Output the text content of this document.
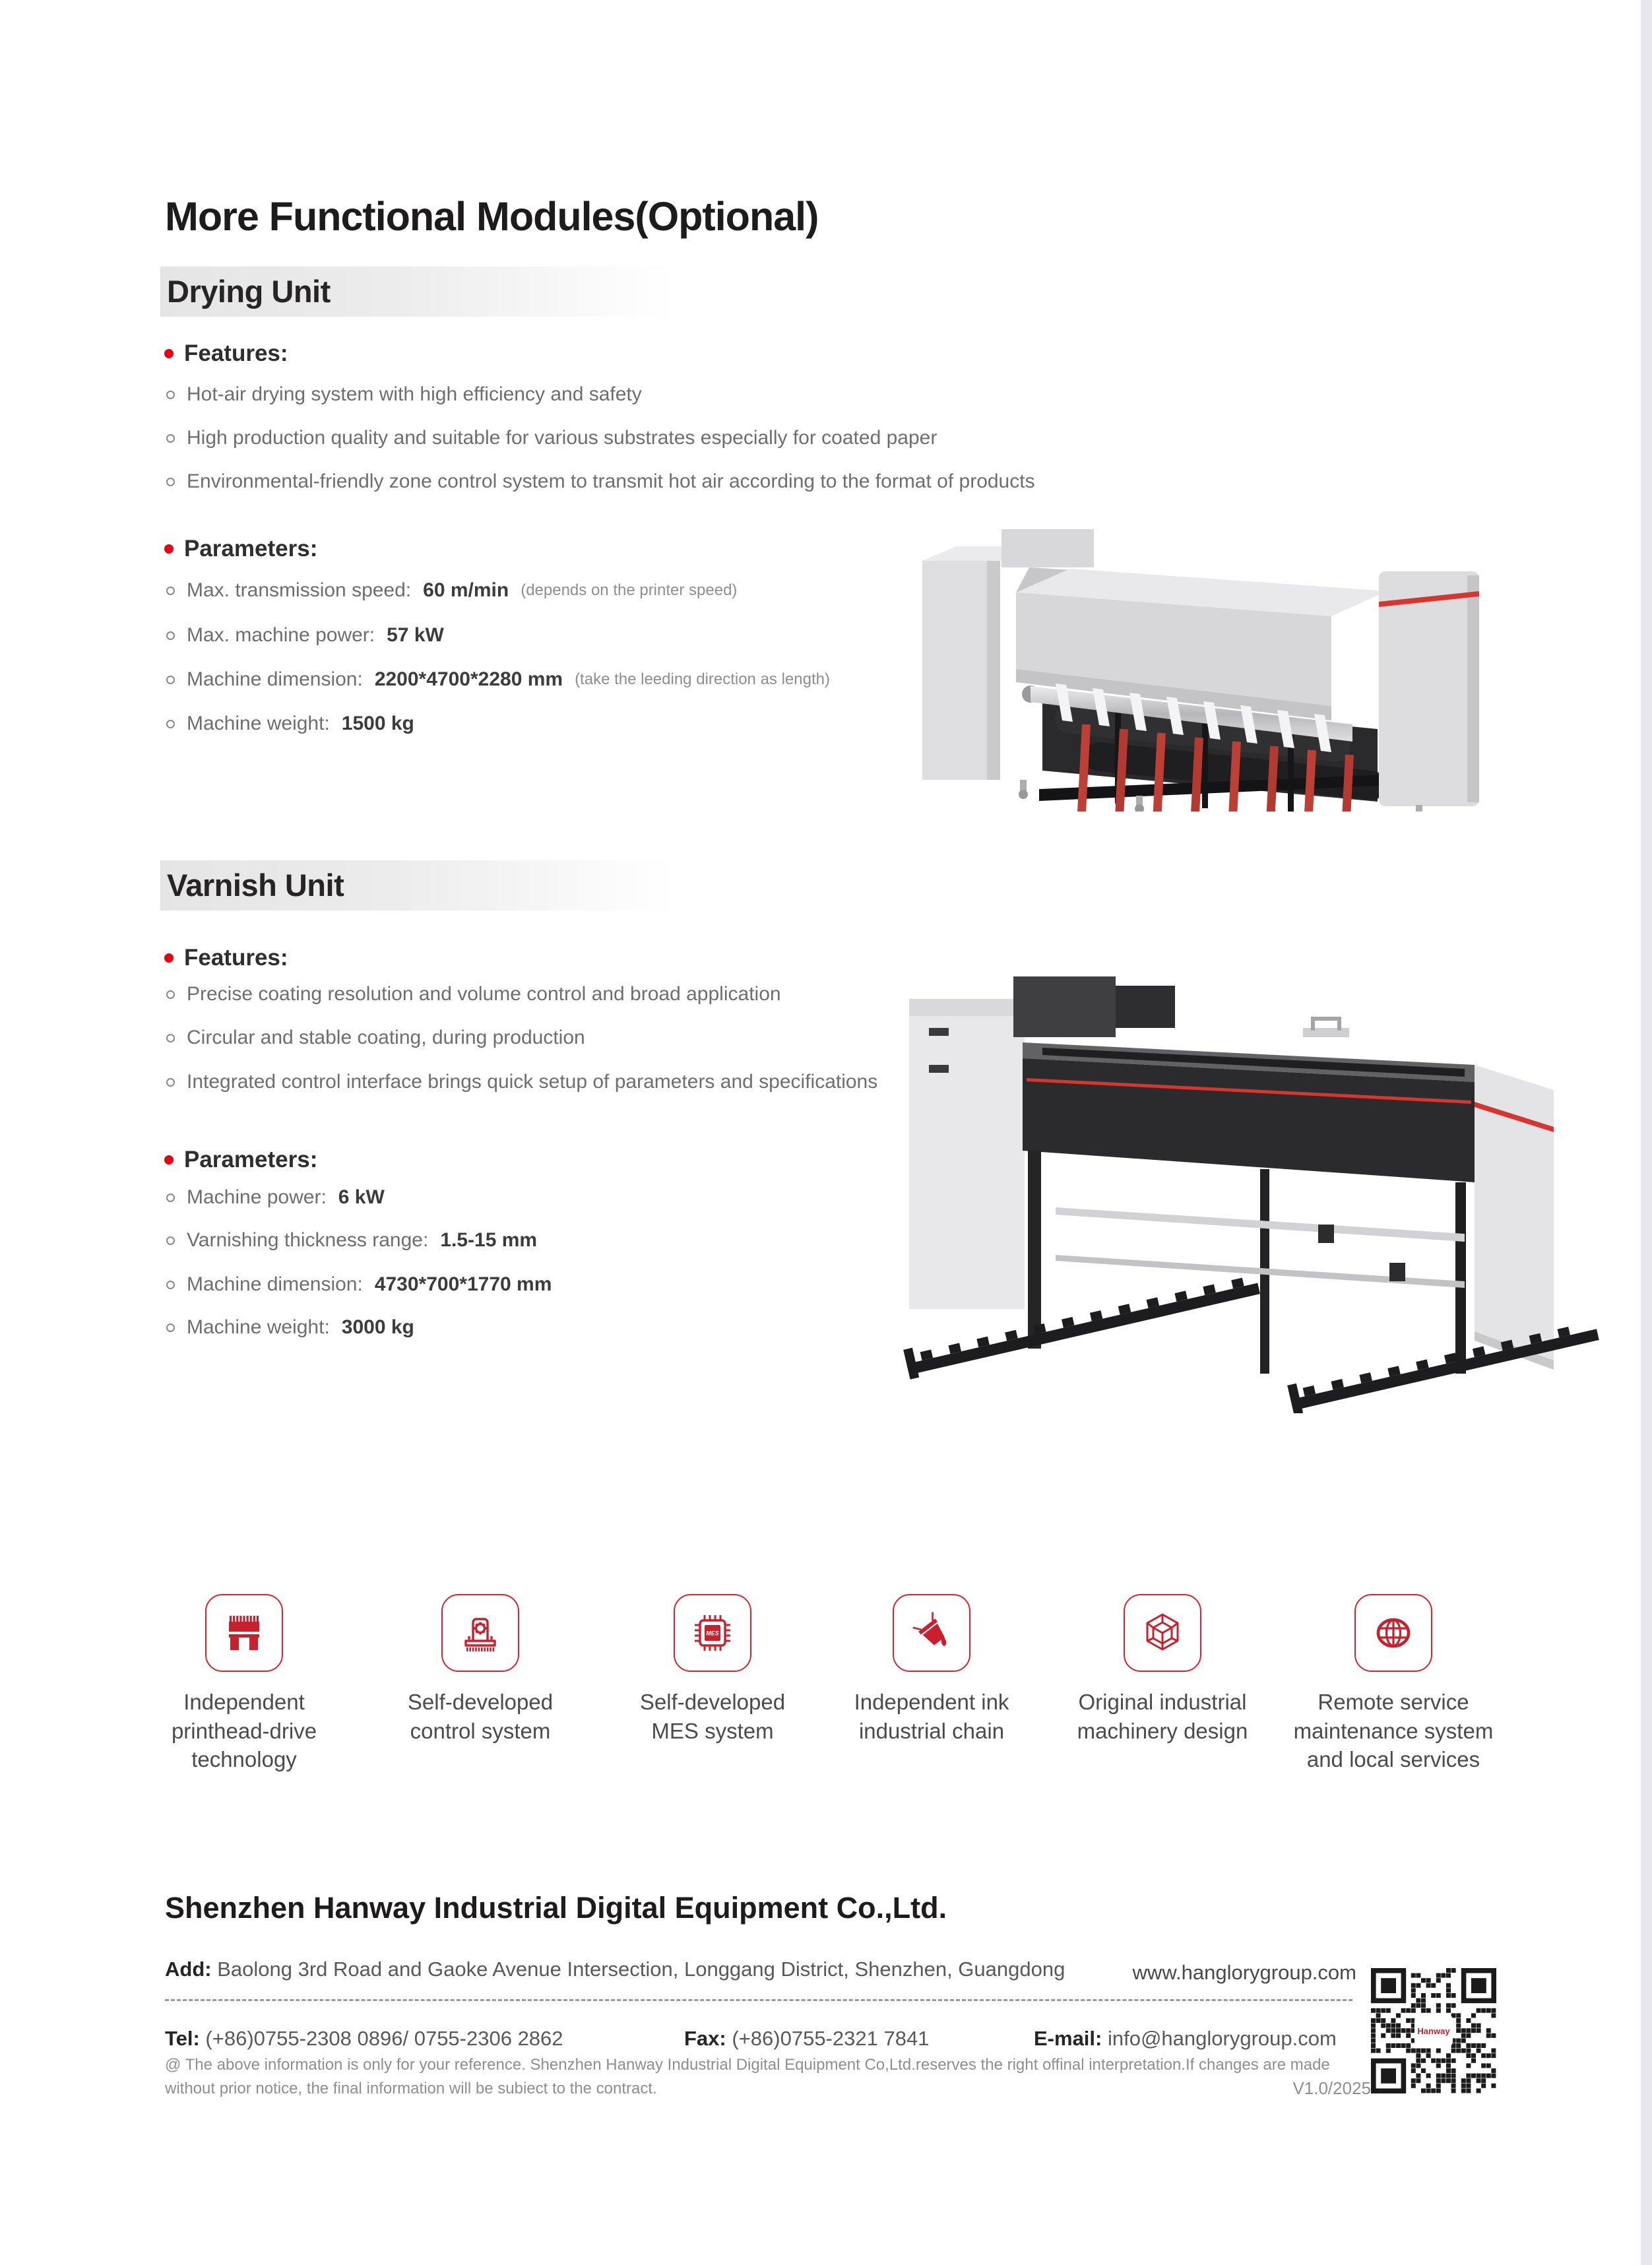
More Functional Modules(Optional)
Drying Unit
Features:
Hot-air drying system with high efficiency and safety
High production quality and suitable for various substrates especially for coated paper
Environmental-friendly zone control system to transmit hot air according to the format of products
Parameters:
Max. transmission speed: 60 m/min (depends on the printer speed)
Max. machine power: 57 kW
Machine dimension: 2200*4700*2280 mm (take the leeding direction as length)
Machine weight: 1500 kg
Varnish Unit
Features:
Precise coating resolution and volume control and broad application
Circular and stable coating, during production
Integrated control interface brings quick setup of parameters and specifications
Parameters:
Machine power: 6 kW
Varnishing thickness range: 1.5-15 mm
Machine dimension: 4730*700*1770 mm
Machine weight: 3000 kg
Independent printhead-drive technology
Self-developed control system
MES
Self-developed MES system
Independent ink industrial chain
Original industrial machinery design
Remote service maintenance system and local services
Shenzhen Hanway Industrial Digital Equipment Co.,Ltd.
Add: Baolong 3rd Road and Gaoke Avenue Intersection, Longgang District, Shenzhen, Guangdong	www.hanglorygroup.com
Tel: (+86)0755-2308 0896/ 0755-2306 2862	Fax: (+86)0755-2321 7841	E-mail: info@hanglorygroup.com
@ The above information is only for your reference. Shenzhen Hanway Industrial Digital Equipment Co,Ltd.reserves the right offinal interpretation.If changes are made without prior notice, the final information will be subiect to the contract.	V1.0/2025
Hanway
